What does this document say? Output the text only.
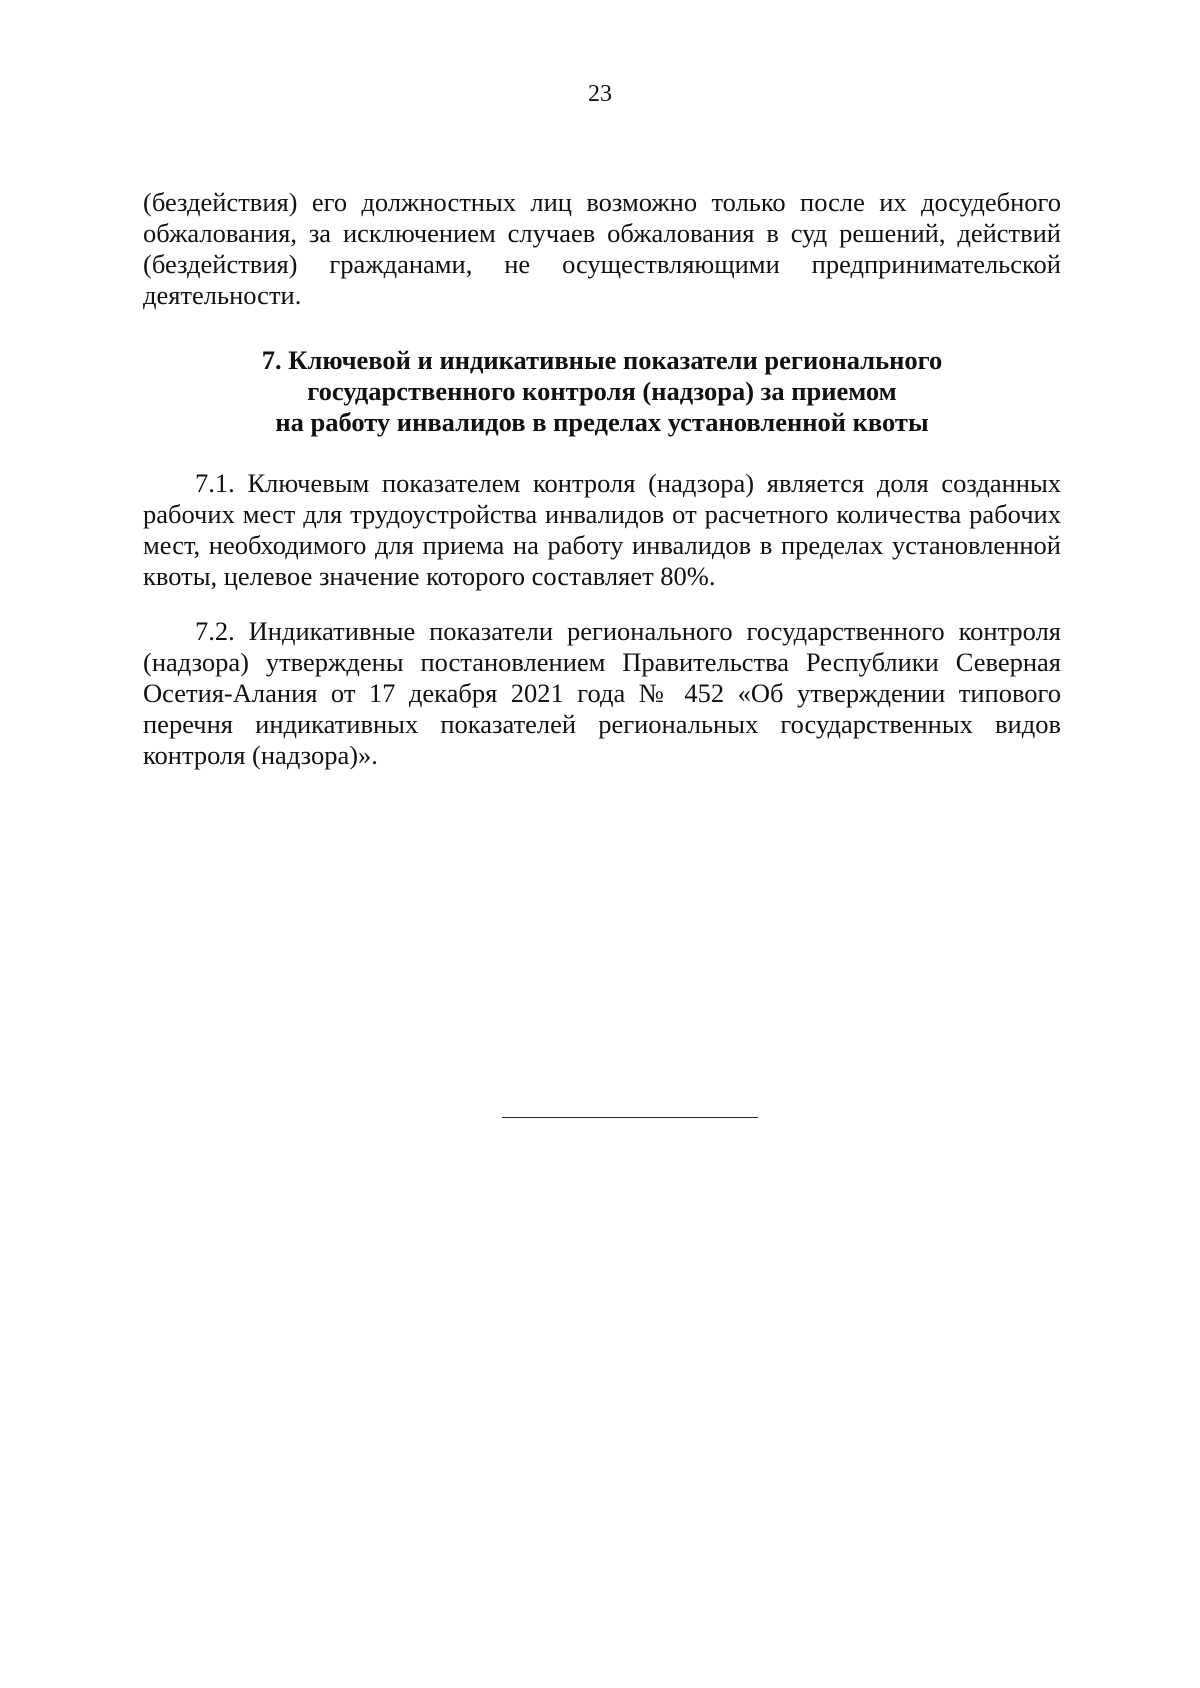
23

(бездействия) его должностных лиц возможно только после их досудебного обжалования, за исключением случаев обжалования в суд решений, действий (бездействия) гражданами, не осуществляющими предпринимательской деятельности.

7. Ключевой и индикативные показатели регионального
государственного контроля (надзора) за приемом
на работу инвалидов в пределах установленной квоты

7.1. Ключевым показателем контроля (надзора) является доля созданных рабочих мест для трудоустройства инвалидов от расчетного количества рабочих мест, необходимого для приема на работу инвалидов в пределах установленной квоты, целевое значение которого составляет 80%.

7.2. Индикативные показатели регионального государственного контроля (надзора) утверждены постановлением Правительства Республики Северная Осетия-Алания от 17 декабря 2021 года № 452 «Об утверждении типового перечня индикативных показателей региональных государственных видов контроля (надзора)».
